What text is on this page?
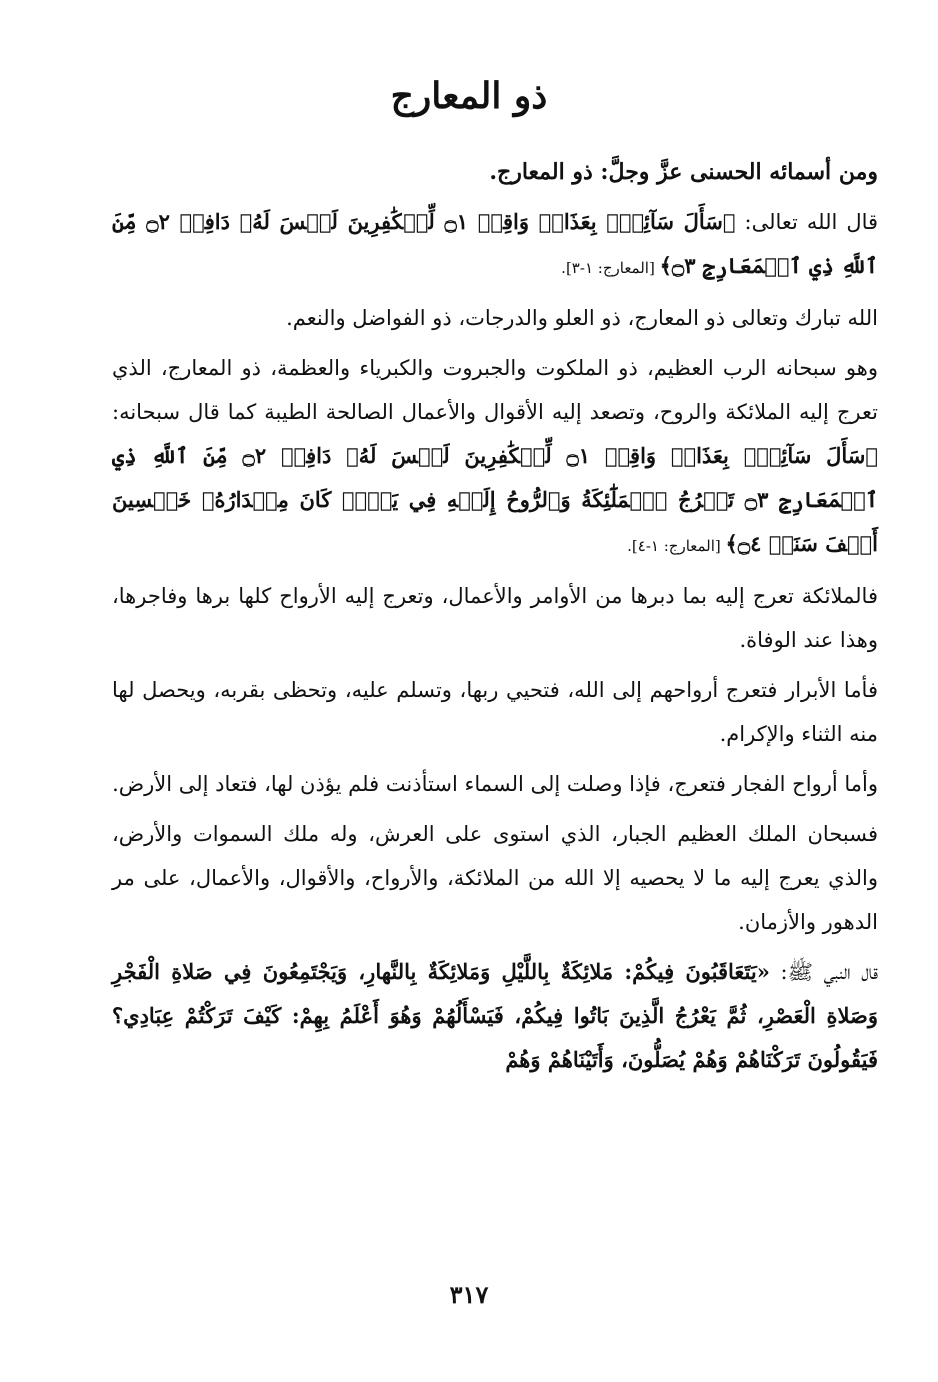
ذو المعارج

ومن أسمائه الحسنى عزَّ وجلَّ: ذو المعارج.

قال الله تعالى: ﴿سَأَلَ سَآئِلُۢ بِعَذَابٖ وَاقِعٖ ۝١ لِّلۡكَٰفِرِينَ لَيۡسَ لَهُۥ دَافِعٞ ۝٢ مِّنَ ٱللَّهِ ذِي ٱلۡمَعَارِجِ ۝٣﴾ [المعارج: ١-٣].

الله تبارك وتعالى ذو المعارج، ذو العلو والدرجات، ذو الفواضل والنعم.

وهو سبحانه الرب العظيم، ذو الملكوت والجبروت والكبرياء والعظمة، ذو المعارج، الذي تعرج إليه الملائكة والروح، وتصعد إليه الأقوال والأعمال الصالحة الطيبة كما قال سبحانه: ﴿سَأَلَ سَآئِلُۢ بِعَذَابٖ وَاقِعٖ ۝١ لِّلۡكَٰفِرِينَ لَيۡسَ لَهُۥ دَافِعٞ ۝٢ مِّنَ ٱللَّهِ ذِي ٱلۡمَعَارِجِ ۝٣ تَعۡرُجُ ٱلۡمَلَٰٓئِكَةُ وَٱلرُّوحُ إِلَيۡهِ فِي يَوۡمٖ كَانَ مِقۡدَارُهُۥ خَمۡسِينَ أَلۡفَ سَنَةٖ ۝٤﴾ [المعارج: ١-٤].

فالملائكة تعرج إليه بما دبرها من الأوامر والأعمال، وتعرج إليه الأرواح كلها برها وفاجرها، وهذا عند الوفاة.

فأما الأبرار فتعرج أرواحهم إلى الله، فتحيي ربها، وتسلم عليه، وتحظى بقربه، ويحصل لها منه الثناء والإكرام.

وأما أرواح الفجار فتعرج، فإذا وصلت إلى السماء استأذنت فلم يؤذن لها، فتعاد إلى الأرض.

فسبحان الملك العظيم الجبار، الذي استوى على العرش، وله ملك السموات والأرض، والذي يعرج إليه ما لا يحصيه إلا الله من الملائكة، والأرواح، والأقوال، والأعمال، على مر الدهور والأزمان.

قال النبي ﷺ: «يَتَعَاقَبُونَ فِيكُمْ: مَلائِكَةٌ بِاللَّيْلِ وَمَلائِكَةٌ بِالنَّهارِ، وَيَجْتَمِعُونَ فِي صَلاةِ الْفَجْرِ وَصَلاةِ الْعَصْرِ، ثُمَّ يَعْرُجُ الَّذِينَ بَاتُوا فِيكُمْ، فَيَسْأَلُهُمْ وَهُوَ أَعْلَمُ بِهِمْ: كَيْفَ تَرَكْتُمْ عِبَادِي؟ فَيَقُولُونَ تَرَكْنَاهُمْ وَهُمْ يُصَلُّونَ، وَأَتَيْنَاهُمْ وَهُمْ

٣١٧
